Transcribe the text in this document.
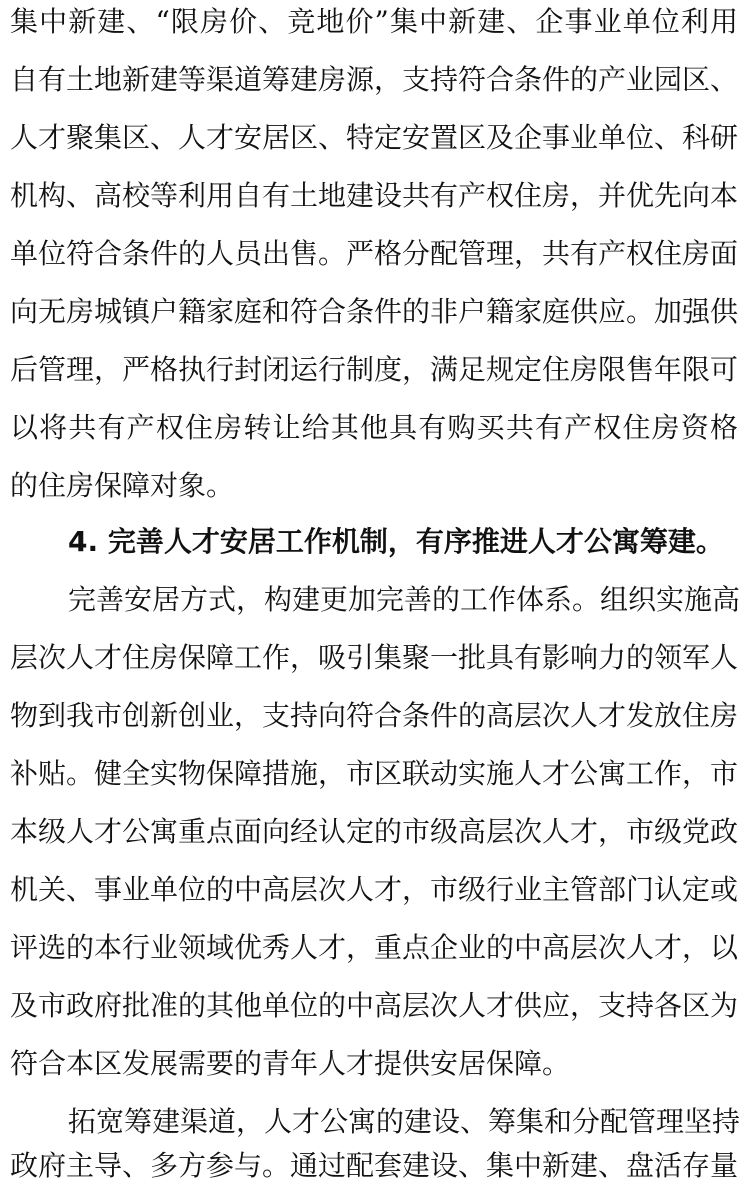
集中新建、“限房价、竞地价”集中新建、企事业单位利用

自有土地新建等渠道筹建房源，支持符合条件的产业园区、

人才聚集区、人才安居区、特定安置区及企事业单位、科研

机构、高校等利用自有土地建设共有产权住房，并优先向本

单位符合条件的人员出售。严格分配管理，共有产权住房面

向无房城镇户籍家庭和符合条件的非户籍家庭供应。加强供

后管理，严格执行封闭运行制度，满足规定住房限售年限可

以将共有产权住房转让给其他具有购买共有产权住房资格

的住房保障对象。

4. 完善人才安居工作机制，有序推进人才公寓筹建。

完善安居方式，构建更加完善的工作体系。组织实施高

层次人才住房保障工作，吸引集聚一批具有影响力的领军人

物到我市创新创业，支持向符合条件的高层次人才发放住房

补贴。健全实物保障措施，市区联动实施人才公寓工作，市

本级人才公寓重点面向经认定的市级高层次人才，市级党政

机关、事业单位的中高层次人才，市级行业主管部门认定或

评选的本行业领域优秀人才，重点企业的中高层次人才，以

及市政府批准的其他单位的中高层次人才供应，支持各区为

符合本区发展需要的青年人才提供安居保障。

拓宽筹建渠道，人才公寓的建设、筹集和分配管理坚持

政府主导、多方参与。通过配套建设、集中新建、盘活存量
